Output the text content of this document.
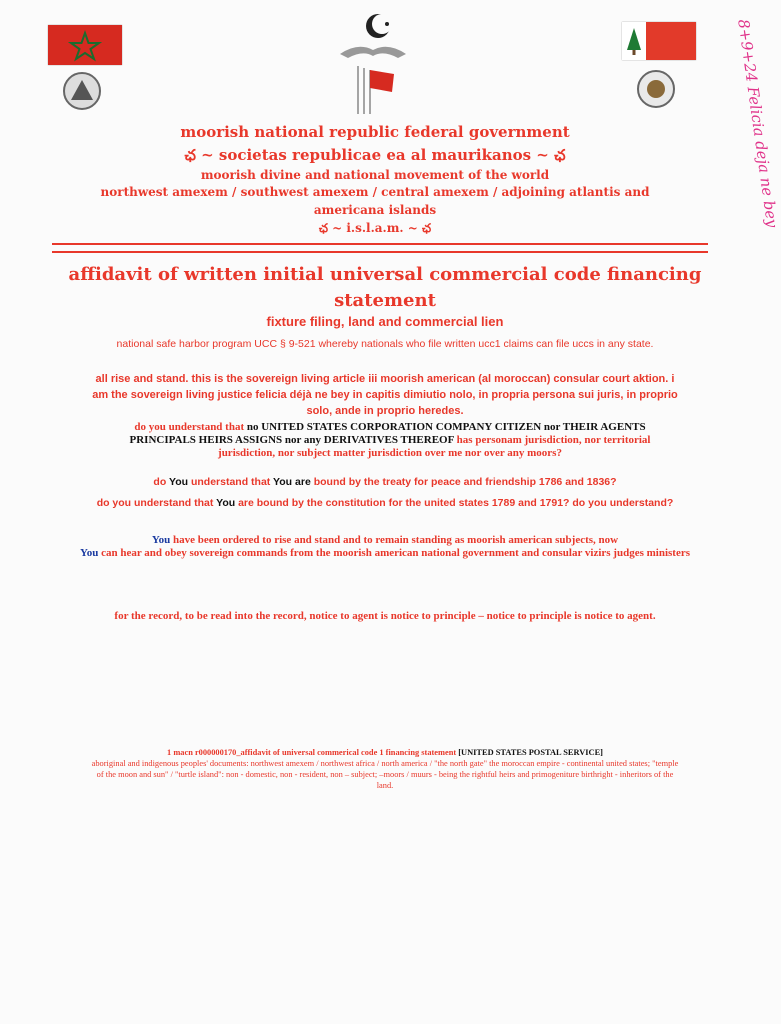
8+9+24 Felicia deja ne bey
moorish national republic federal government
ఛ ~ societas republicae ea al maurikanos ~ ఛ
moorish divine and national movement of the world
northwest amexem / southwest amexem / central amexem / adjoining atlantis and
americana islands
ఛ ~ i.s.l.a.m. ~ ఛ
affidavit of written initial universal commercial code financing statement
fixture filing, land and commercial lien
national safe harbor program UCC § 9-521 whereby nationals who file written ucc1 claims can file uccs in any state.
all rise and stand. this is the sovereign living article iii moorish american (al moroccan) consular court aktion. i am the sovereign living justice felicia déjà ne bey in capitis dimiutio nolo, in propria persona sui juris, in proprio solo, ande in proprio heredes.
do you understand that no UNITED STATES CORPORATION COMPANY CITIZEN nor THEIR AGENTS PRINCIPALS HEIRS ASSIGNS nor any DERIVATIVES THEREOF has personam jurisdiction, nor territorial jurisdiction, nor subject matter jurisdiction over me nor over any moors?
do You understand that You are bound by the treaty for peace and friendship 1786 and 1836?
do you understand that You are bound by the constitution for the united states 1789 and 1791? do you understand?
You have been ordered to rise and stand and to remain standing as moorish american subjects, now
You can hear and obey sovereign commands from the moorish american national government and consular vizirs judges ministers
for the record, to be read into the record, notice to agent is notice to principle – notice to principle is notice to agent.
1 macn r000000170_affidavit of universal commerical code 1 financing statement [UNITED STATES POSTAL SERVICE]
aboriginal and indigenous peoples' documents: northwest amexem / northwest africa / north america / "the north gate" the moroccan empire - continental united states; "temple of the moon and sun" / "turtle island": non - domestic, non - resident, non – subject; –moors / muurs - being the rightful heirs and primogeniture birthright - inheritors of the land.
